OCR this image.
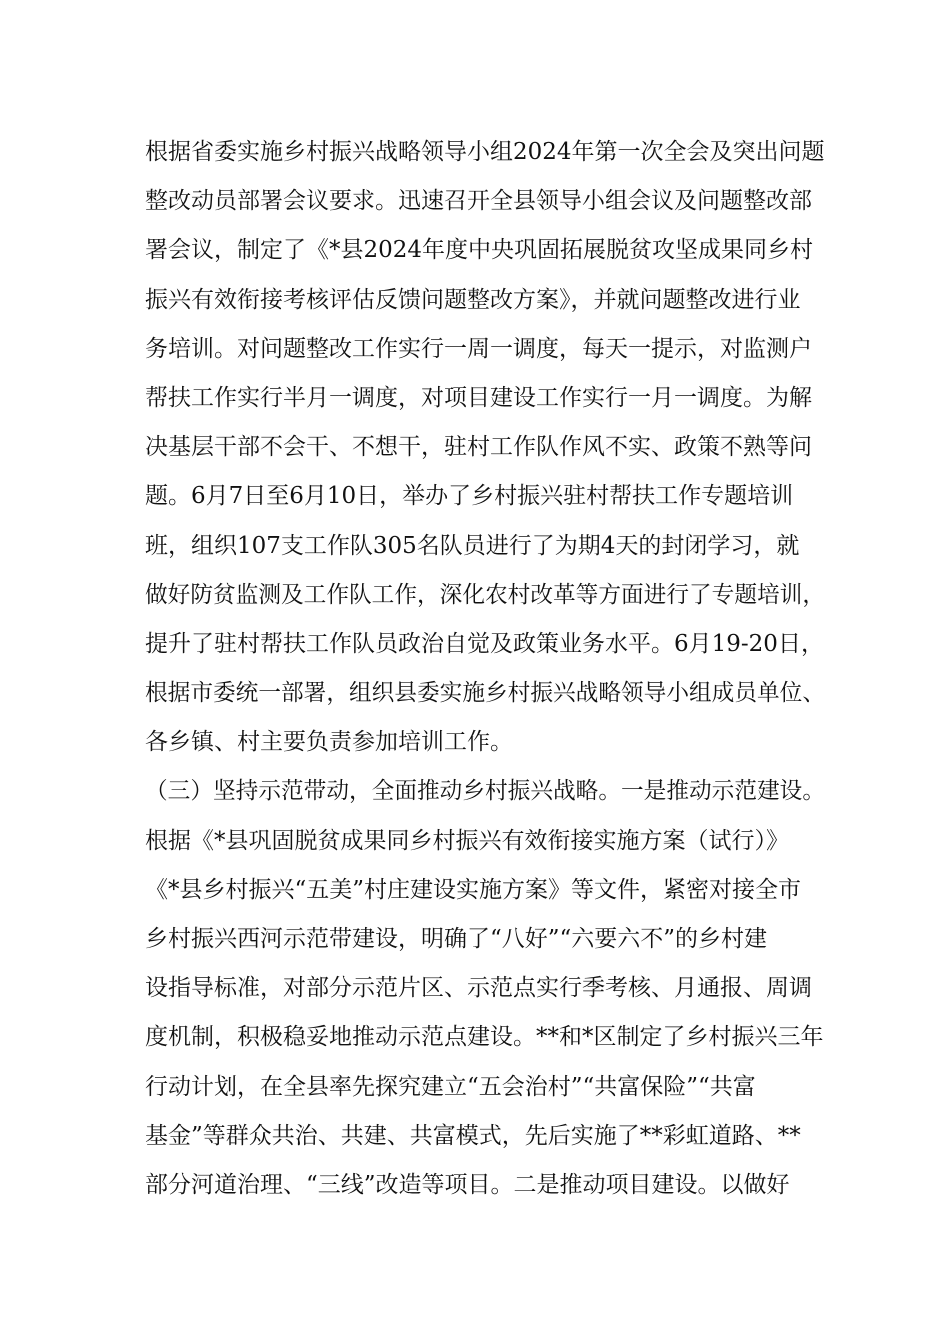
根据省委实施乡村振兴战略领导小组2024年第一次全会及突出问题
整改动员部署会议要求。迅速召开全县领导小组会议及问题整改部
署会议，制定了《*县2024年度中央巩固拓展脱贫攻坚成果同乡村
振兴有效衔接考核评估反馈问题整改方案》，并就问题整改进行业
务培训。对问题整改工作实行一周一调度，每天一提示，对监测户
帮扶工作实行半月一调度，对项目建设工作实行一月一调度。为解
决基层干部不会干、不想干，驻村工作队作风不实、政策不熟等问
题。6月7日至6月10日，举办了乡村振兴驻村帮扶工作专题培训
班，组织107支工作队305名队员进行了为期4天的封闭学习，就
做好防贫监测及工作队工作，深化农村改革等方面进行了专题培训，
提升了驻村帮扶工作队员政治自觉及政策业务水平。6月19-20日，
根据市委统一部署，组织县委实施乡村振兴战略领导小组成员单位、
各乡镇、村主要负责参加培训工作。
（三）坚持示范带动，全面推动乡村振兴战略。一是推动示范建设。
根据《*县巩固脱贫成果同乡村振兴有效衔接实施方案（试行）》
《*县乡村振兴“五美”村庄建设实施方案》等文件，紧密对接全市
乡村振兴西河示范带建设，明确了“八好”“六要六不”的乡村建
设指导标准，对部分示范片区、示范点实行季考核、月通报、周调
度机制，积极稳妥地推动示范点建设。**和*区制定了乡村振兴三年
行动计划，在全县率先探究建立“五会治村”“共富保险”“共富
基金”等群众共治、共建、共富模式，先后实施了**彩虹道路、**
部分河道治理、“三线”改造等项目。二是推动项目建设。以做好
